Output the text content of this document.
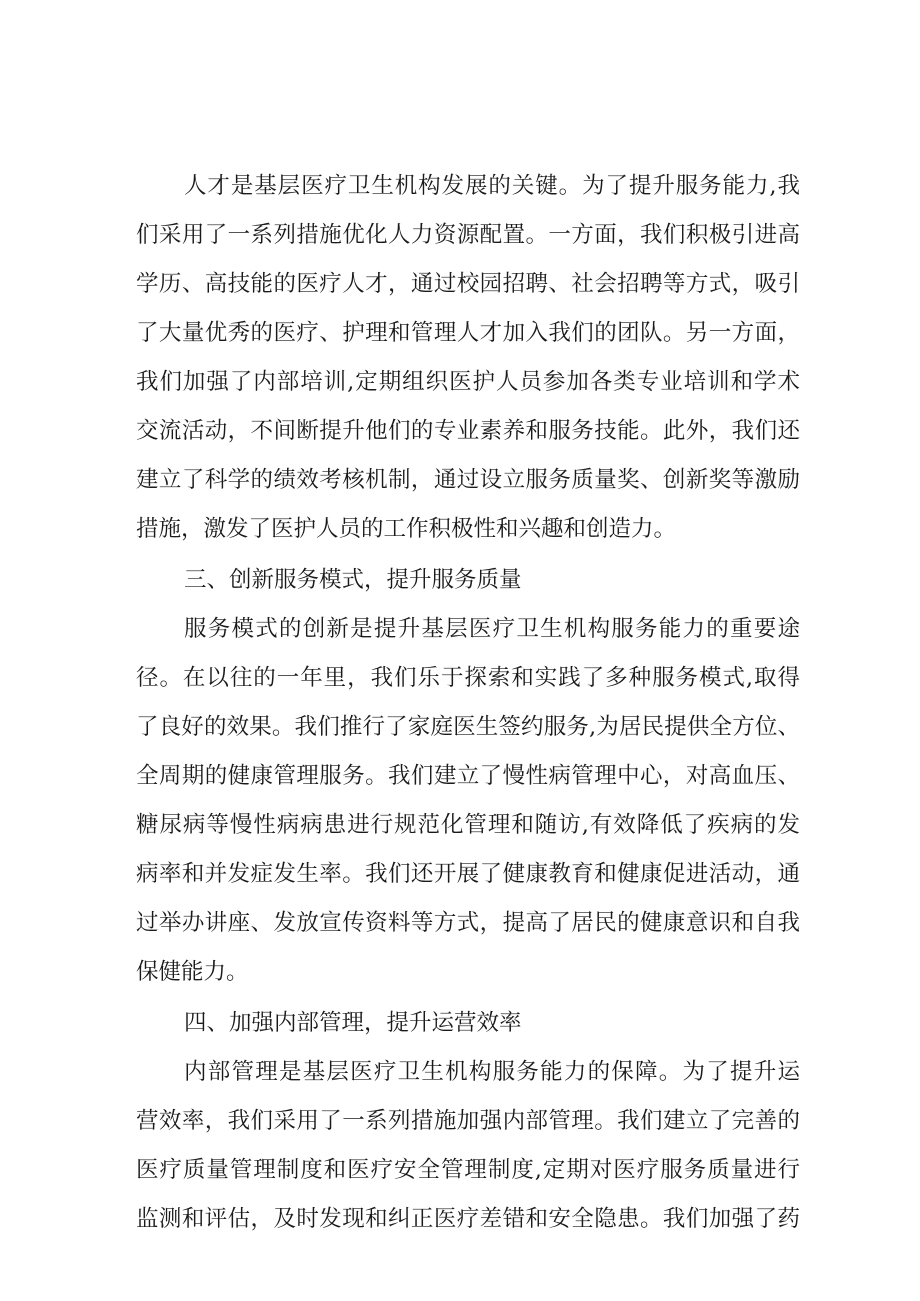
人才是基层医疗卫生机构发展的关键。为了提升服务能力,我
们采用了一系列措施优化人力资源配置。一方面，我们积极引进高
学历、高技能的医疗人才，通过校园招聘、社会招聘等方式，吸引
了大量优秀的医疗、护理和管理人才加入我们的团队。另一方面，
我们加强了内部培训,定期组织医护人员参加各类专业培训和学术
交流活动，不间断提升他们的专业素养和服务技能。此外，我们还
建立了科学的绩效考核机制，通过设立服务质量奖、创新奖等激励
措施，激发了医护人员的工作积极性和兴趣和创造力。
三、创新服务模式，提升服务质量
服务模式的创新是提升基层医疗卫生机构服务能力的重要途
径。在以往的一年里，我们乐于探索和实践了多种服务模式,取得
了良好的效果。我们推行了家庭医生签约服务,为居民提供全方位、
全周期的健康管理服务。我们建立了慢性病管理中心，对高血压、
糖尿病等慢性病病患进行规范化管理和随访,有效降低了疾病的发
病率和并发症发生率。我们还开展了健康教育和健康促进活动，通
过举办讲座、发放宣传资料等方式，提高了居民的健康意识和自我
保健能力。
四、加强内部管理，提升运营效率
内部管理是基层医疗卫生机构服务能力的保障。为了提升运
营效率，我们采用了一系列措施加强内部管理。我们建立了完善的
医疗质量管理制度和医疗安全管理制度,定期对医疗服务质量进行
监测和评估，及时发现和纠正医疗差错和安全隐患。我们加强了药
